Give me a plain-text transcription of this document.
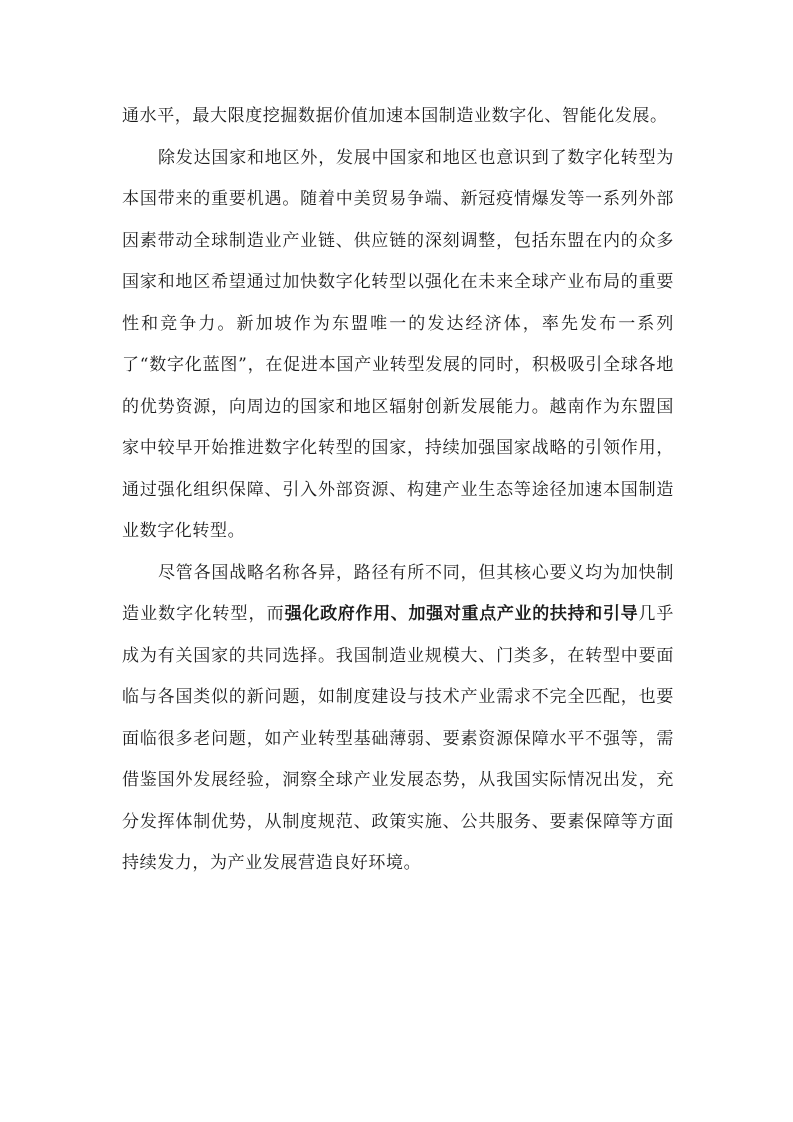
通水平，最大限度挖掘数据价值加速本国制造业数字化、智能化发展。

除发达国家和地区外，发展中国家和地区也意识到了数字化转型为本国带来的重要机遇。随着中美贸易争端、新冠疫情爆发等一系列外部因素带动全球制造业产业链、供应链的深刻调整，包括东盟在内的众多国家和地区希望通过加快数字化转型以强化在未来全球产业布局的重要性和竞争力。新加坡作为东盟唯一的发达经济体，率先发布一系列了“数字化蓝图”，在促进本国产业转型发展的同时，积极吸引全球各地的优势资源，向周边的国家和地区辐射创新发展能力。越南作为东盟国家中较早开始推进数字化转型的国家，持续加强国家战略的引领作用，通过强化组织保障、引入外部资源、构建产业生态等途径加速本国制造业数字化转型。

尽管各国战略名称各异，路径有所不同，但其核心要义均为加快制造业数字化转型，而强化政府作用、加强对重点产业的扶持和引导几乎成为有关国家的共同选择。我国制造业规模大、门类多，在转型中要面临与各国类似的新问题，如制度建设与技术产业需求不完全匹配，也要面临很多老问题，如产业转型基础薄弱、要素资源保障水平不强等，需借鉴国外发展经验，洞察全球产业发展态势，从我国实际情况出发，充分发挥体制优势，从制度规范、政策实施、公共服务、要素保障等方面持续发力，为产业发展营造良好环境。
